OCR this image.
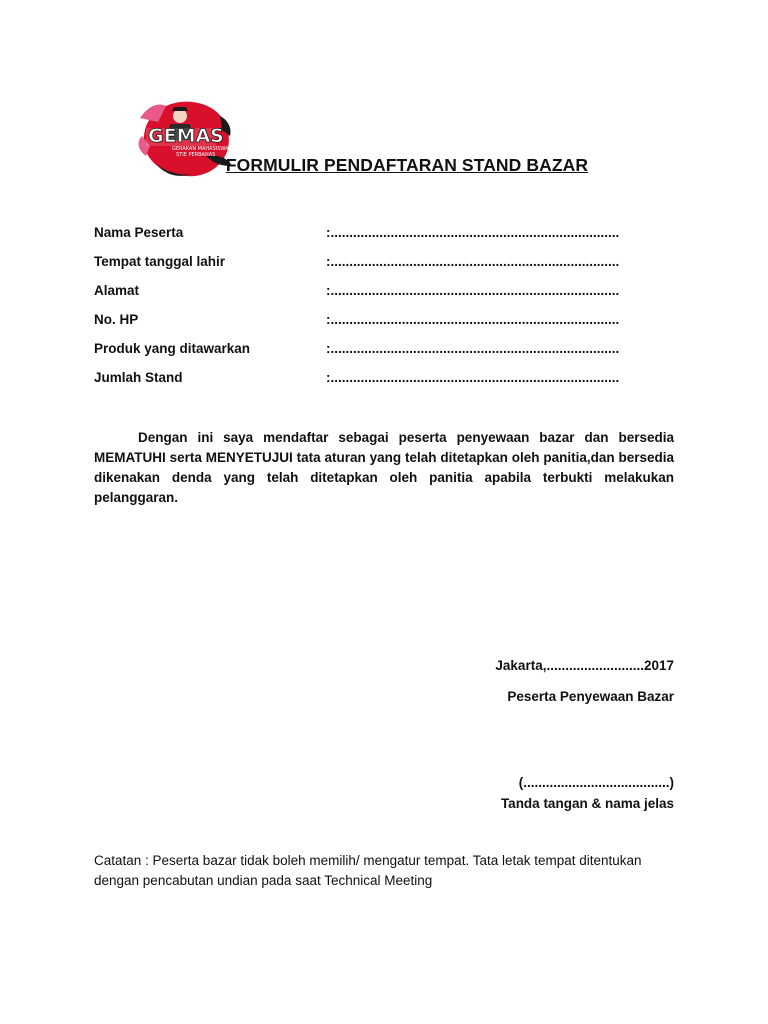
GEMAS
GERAKAN MAHASISWA
STIE PERBANAS FORMULIR PENDAFTARAN STAND BAZAR
Nama Peserta	:.............................................................................
Tempat tanggal lahir	:.............................................................................
Alamat	:.............................................................................
No. HP	:.............................................................................
Produk yang ditawarkan	:.............................................................................
Jumlah Stand	:.............................................................................

Dengan ini saya mendaftar sebagai peserta penyewaan bazar dan bersedia MEMATUHI serta MENYETUJUI tata aturan yang telah ditetapkan oleh panitia,dan bersedia dikenakan denda yang telah ditetapkan oleh panitia apabila terbukti melakukan pelanggaran.

Jakarta,..........................2017
Peserta Penyewaan Bazar
(.......................................)
Tanda tangan & nama jelas

Catatan : Peserta bazar tidak boleh memilih/ mengatur tempat. Tata letak tempat ditentukan dengan pencabutan undian pada saat Technical Meeting
